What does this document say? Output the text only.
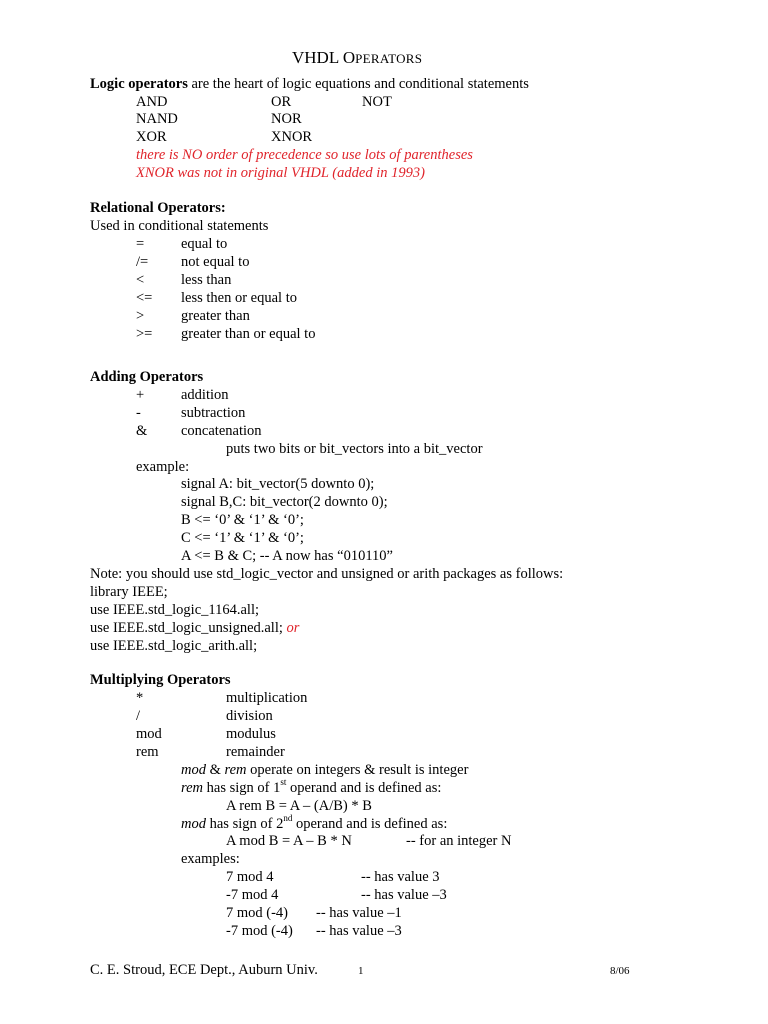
VHDL OPERATORS
Logic operators are the heart of logic equations and conditional statements
AND	OR	NOT
NAND	NOR
XOR	XNOR
there is NO order of precedence so use lots of parentheses
XNOR was not in original VHDL (added in 1993)
Relational Operators:
Used in conditional statements
=	equal to
/= not equal to
<	less than
<= less then or equal to
>	greater than
>= greater than or equal to
Adding Operators
+	addition
-	subtraction
& concatenation
puts two bits or bit_vectors into a bit_vector
example:
signal A: bit_vector(5 downto 0);
signal B,C: bit_vector(2 downto 0);
B <= ‘0’ & ‘1’ & ‘0’;
C <= ‘1’ & ‘1’ & ‘0’;
A <= B & C; -- A now has “010110”
Note: you should use std_logic_vector and unsigned or arith packages as follows:
library IEEE;
use IEEE.std_logic_1164.all;
use IEEE.std_logic_unsigned.all; or
use IEEE.std_logic_arith.all;
Multiplying Operators
*	multiplication
/	division
mod	modulus
rem	remainder
mod & rem operate on integers & result is integer
rem has sign of 1st operand and is defined as:
A rem B = A – (A/B) * B
mod has sign of 2nd operand and is defined as:
A mod B = A – B * N	-- for an integer N
examples:
7 mod 4	-- has value 3
-7 mod 4	-- has value –3
7 mod (-4) -- has value –1
-7 mod (-4) -- has value –3
C. E. Stroud, ECE Dept., Auburn Univ.	1	8/06
